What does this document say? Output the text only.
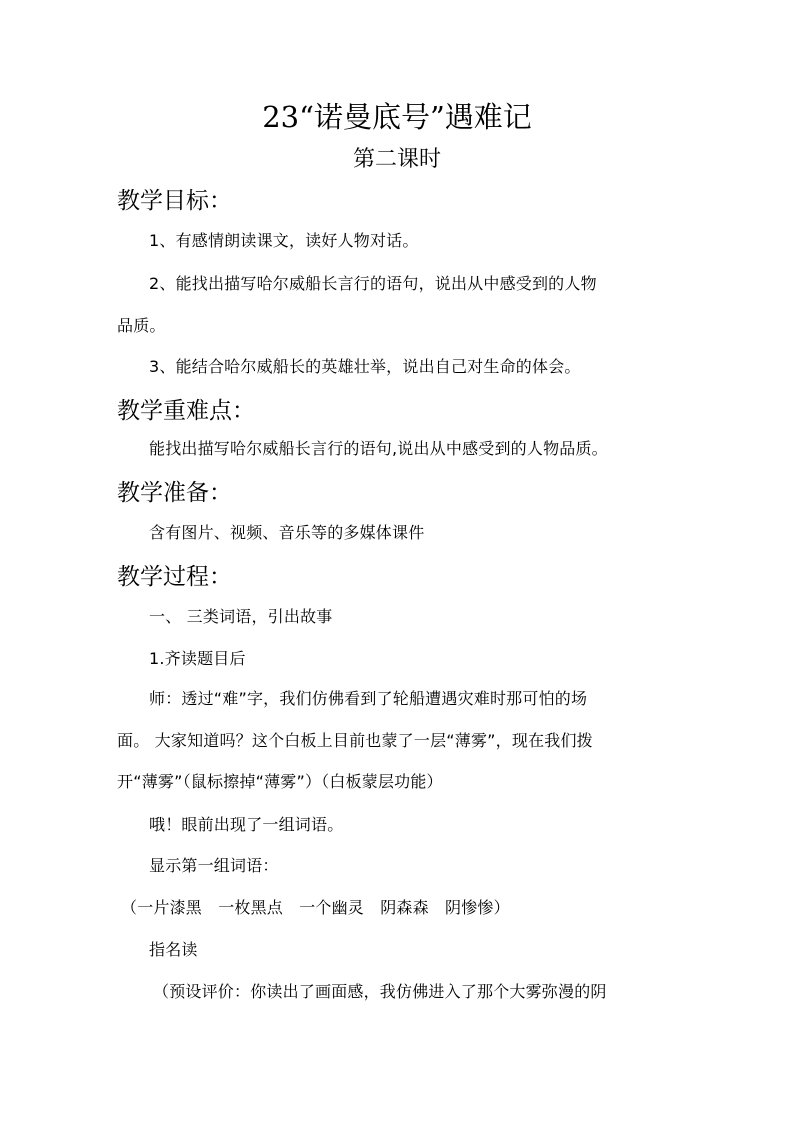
23“诺曼底号”遇难记
第二课时
教学目标：

1、有感情朗读课文，读好人物对话。

2、能找出描写哈尔威船长言行的语句，说出从中感受到的人物

品质。

3、能结合哈尔威船长的英雄壮举，说出自己对生命的体会。

教学重难点：

能找出描写哈尔威船长言行的语句,说出从中感受到的人物品质。

教学准备：

含有图片、视频、音乐等的多媒体课件

教学过程：

一、 三类词语，引出故事

1.齐读题目后

师：透过“难”字，我们仿佛看到了轮船遭遇灾难时那可怕的场

面。 大家知道吗？这个白板上目前也蒙了一层“薄雾”，现在我们拨

开“薄雾”（鼠标擦掉“薄雾”）（白板蒙层功能）

哦！眼前出现了一组词语。

显示第一组词语：

（一片漆黑　一枚黑点　一个幽灵　阴森森　阴惨惨）

指名读

（预设评价：你读出了画面感，我仿佛进入了那个大雾弥漫的阴
